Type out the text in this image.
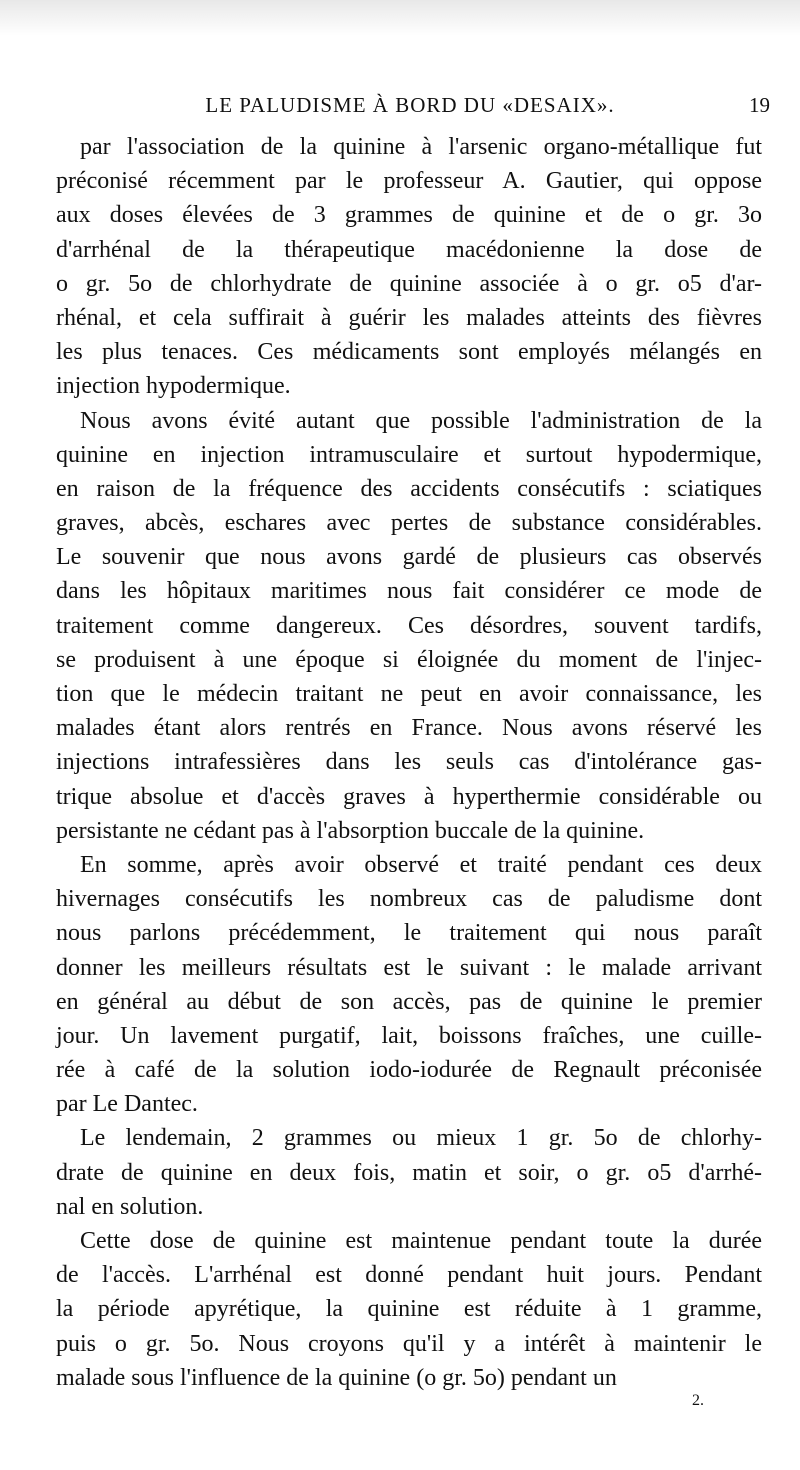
LE PALUDISME À BORD DU «DESAIX».	19
par l'association de la quinine à l'arsenic organo-métallique fut
préconisé récemment par le professeur A. Gautier, qui oppose
aux doses élevées de 3 grammes de quinine et de o gr. 3o
d'arrhénal de la thérapeutique macédonienne la dose de
o gr. 5o de chlorhydrate de quinine associée à o gr. o5 d'ar-
rhénal, et cela suffirait à guérir les malades atteints des fièvres
les plus tenaces. Ces médicaments sont employés mélangés en
injection hypodermique.
Nous avons évité autant que possible l'administration de la
quinine en injection intramusculaire et surtout hypodermique,
en raison de la fréquence des accidents consécutifs : sciatiques
graves, abcès, eschares avec pertes de substance considérables.
Le souvenir que nous avons gardé de plusieurs cas observés
dans les hôpitaux maritimes nous fait considérer ce mode de
traitement comme dangereux. Ces désordres, souvent tardifs,
se produisent à une époque si éloignée du moment de l'injec-
tion que le médecin traitant ne peut en avoir connaissance, les
malades étant alors rentrés en France. Nous avons réservé les
injections intrafessières dans les seuls cas d'intolérance gas-
trique absolue et d'accès graves à hyperthermie considérable ou
persistante ne cédant pas à l'absorption buccale de la quinine.
En somme, après avoir observé et traité pendant ces deux
hivernages consécutifs les nombreux cas de paludisme dont
nous parlons précédemment, le traitement qui nous paraît
donner les meilleurs résultats est le suivant : le malade arrivant
en général au début de son accès, pas de quinine le premier
jour. Un lavement purgatif, lait, boissons fraîches, une cuille-
rée à café de la solution iodo-iodurée de Regnault préconisée
par Le Dantec.
Le lendemain, 2 grammes ou mieux 1 gr. 5o de chlorhy-
drate de quinine en deux fois, matin et soir, o gr. o5 d'arrhé-
nal en solution.
Cette dose de quinine est maintenue pendant toute la durée
de l'accès. L'arrhénal est donné pendant huit jours. Pendant
la période apyrétique, la quinine est réduite à 1 gramme,
puis o gr. 5o. Nous croyons qu'il y a intérêt à maintenir le
malade sous l'influence de la quinine (o gr. 5o) pendant un
2.
